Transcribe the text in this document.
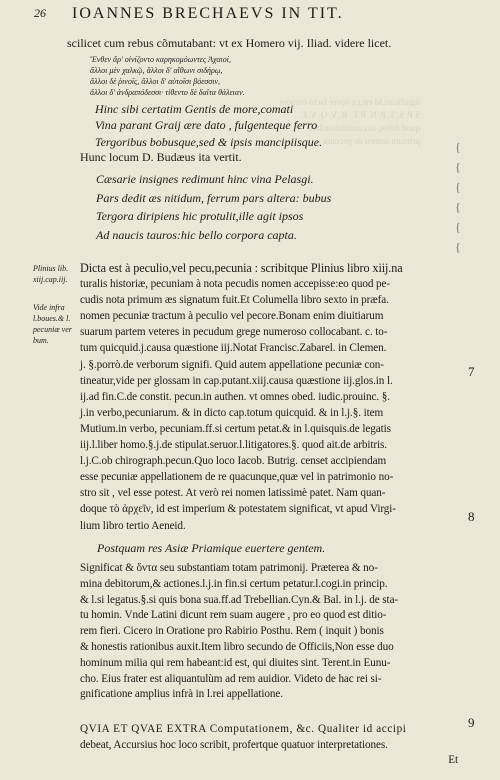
lignificari.Id est,ex opere facto corpore
S P. S. T. P. N. P. E. R. V. Q. V. E.
quod debet, in constitutionibus
primum nomen de pecunia
26 IOANNES BRECHAEVS IN TIT.
scilicet cum rebus cõmutabant: vt ex Homero vij. Iliad. videre licet.
Ἔνθεν ἄρ' οἰνίζοντο καρηκομόωντες Ἀχαιοί,
ἄλλοι μὲν χαλκῷ, ἄλλοι δ' αἴθωνι σιδήρῳ,
ἄλλοι δὲ ῥινοῖς, ἄλλοι δ' αὐτοῖσι βόεσσιν,
ἄλλοι δ' ἀνδραπόδεσσι· τίθεντο δὲ δαῖτα θάλειαν.
Hinc sibi certatim Gentis de more,comati
Vina parant Graij ære dato , fulgenteque ferro
Tergoribus bobusque,sed & ipsis mancipiisque.
Hunc locum D. Budæus ita vertit.
Cæsarie insignes redimunt hinc vina Pelasgi.
Pars dedit æs nitidum, ferrum pars altera: bubus
Tergora diripiens hic protulit,ille agit ipsos
Ad naucis tauros:hic bello corpora capta.
Plinius lib.
xiij.cap.iij.
Vide infra
l.boues.& l.
pecuniæ ver
bum.
Dicta est à peculio,vel pecu,pecunia : scribitque Plinius libro xiij.na
turalis historiæ, pecuniam à nota pecudis nomen accepisse:eo quod pe-
cudis nota primum æs signatum fuit.Et Columella libro sexto in præfa.
nomen pecuniæ tractum à peculio vel pecore.Bonam enim diuitiarum
suarum partem veteres in pecudum grege numeroso collocabant. c. to-
tum quicquid.j.causa quæstione iij.Notat Francisc.Zabarel. in Clemen.
j. §.porrò.de verborum signifi. Quid autem appellatione pecuniæ con-
tineatur,vide per glossam in cap.putant.xiij.causa quæstione iij.glos.in l.
ij.ad fin.C.de constit. pecun.in authen. vt omnes obed. iudic.prouinc. §.
j.in verbo,pecuniarum. & in dicto cap.totum quicquid. & in l.j.§. item
Mutium.in verbo, pecuniam.ff.si certum petat.& in l.quisquis.de legatis
iij.l.liber homo.§.j.de stipulat.seruor.l.litigatores.§. quod ait.de arbitris.
l.j.C.ob chirograph.pecun.Quo loco Iacob. Butrig. censet accipiendam
esse pecuniæ appellationem de re quacunque,quæ vel in patrimonio no-
stro sit , vel esse potest. At verò rei nomen latissimè patet. Nam quan-
doque τὸ ἀρχεῖν, id est imperium & potestatem significat, vt apud Virgi-
lium libro tertio Aeneid.
Postquam res Asiæ Priamique euertere gentem.
Significat & ὄντα seu substantiam totam patrimonij. Præterea & no-
mina debitorum,& actiones.l.j.in fin.si certum petatur.l.cogi.in princip.
& l.si legatus.§.si quis bona sua.ff.ad Trebellian.Cyn.& Bal. in l.j. de sta-
tu homin. Vnde Latini dicunt rem suam augere , pro eo quod est ditio-
rem fieri. Cicero in Oratione pro Rabirio Posthu. Rem ( inquit ) bonis
& honestis rationibus auxit.Item libro secundo de Officiis,Non esse duo
hominum milia qui rem habeant:id est, qui diuites sint. Terent.in Eunu-
cho. Eius frater est aliquantulùm ad rem auidior. Videto de hac rei si-
gnificatione amplius infrà in l.rei appellatione.
QVIA ET QVAE EXTRA Computationem, &c. Qualiter id accipi
debeat, Accursius hoc loco scribit, profertque quatuor interpretationes.
Et
{
{
{
{
{
{
7
8
9
